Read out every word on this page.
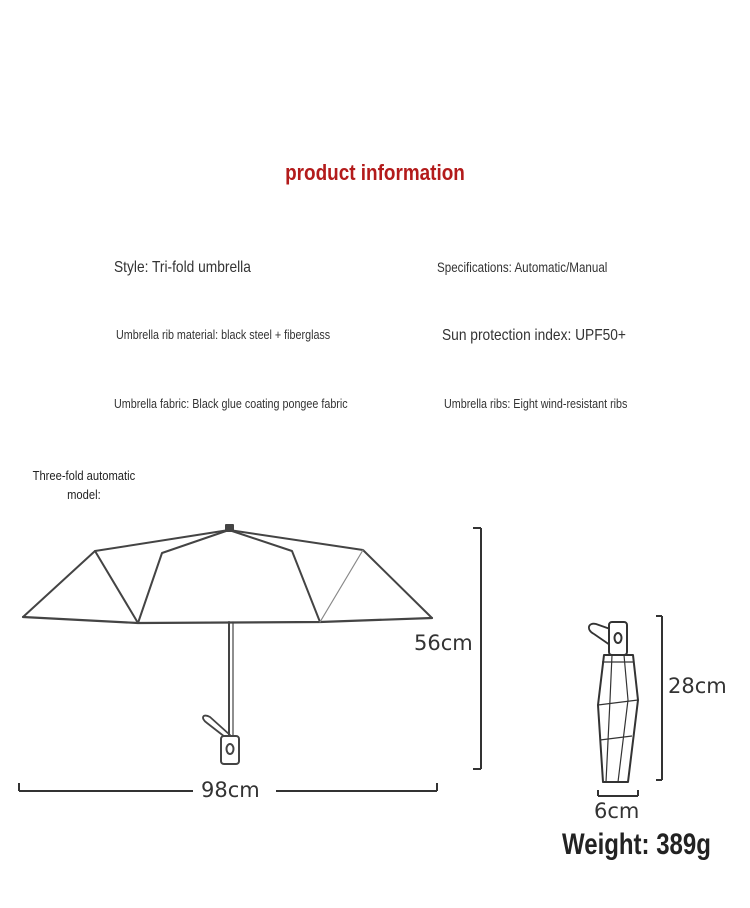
product information
Style: Tri-fold umbrella	Specifications: Automatic/Manual
Umbrella rib material: black steel + fiberglass	Sun protection index: UPF50+
Umbrella fabric: Black glue coating pongee fabric	Umbrella ribs: Eight wind-resistant ribs
Three-fold automatic
model:
56cm
98cm
28cm
6cm
Weight: 389g
